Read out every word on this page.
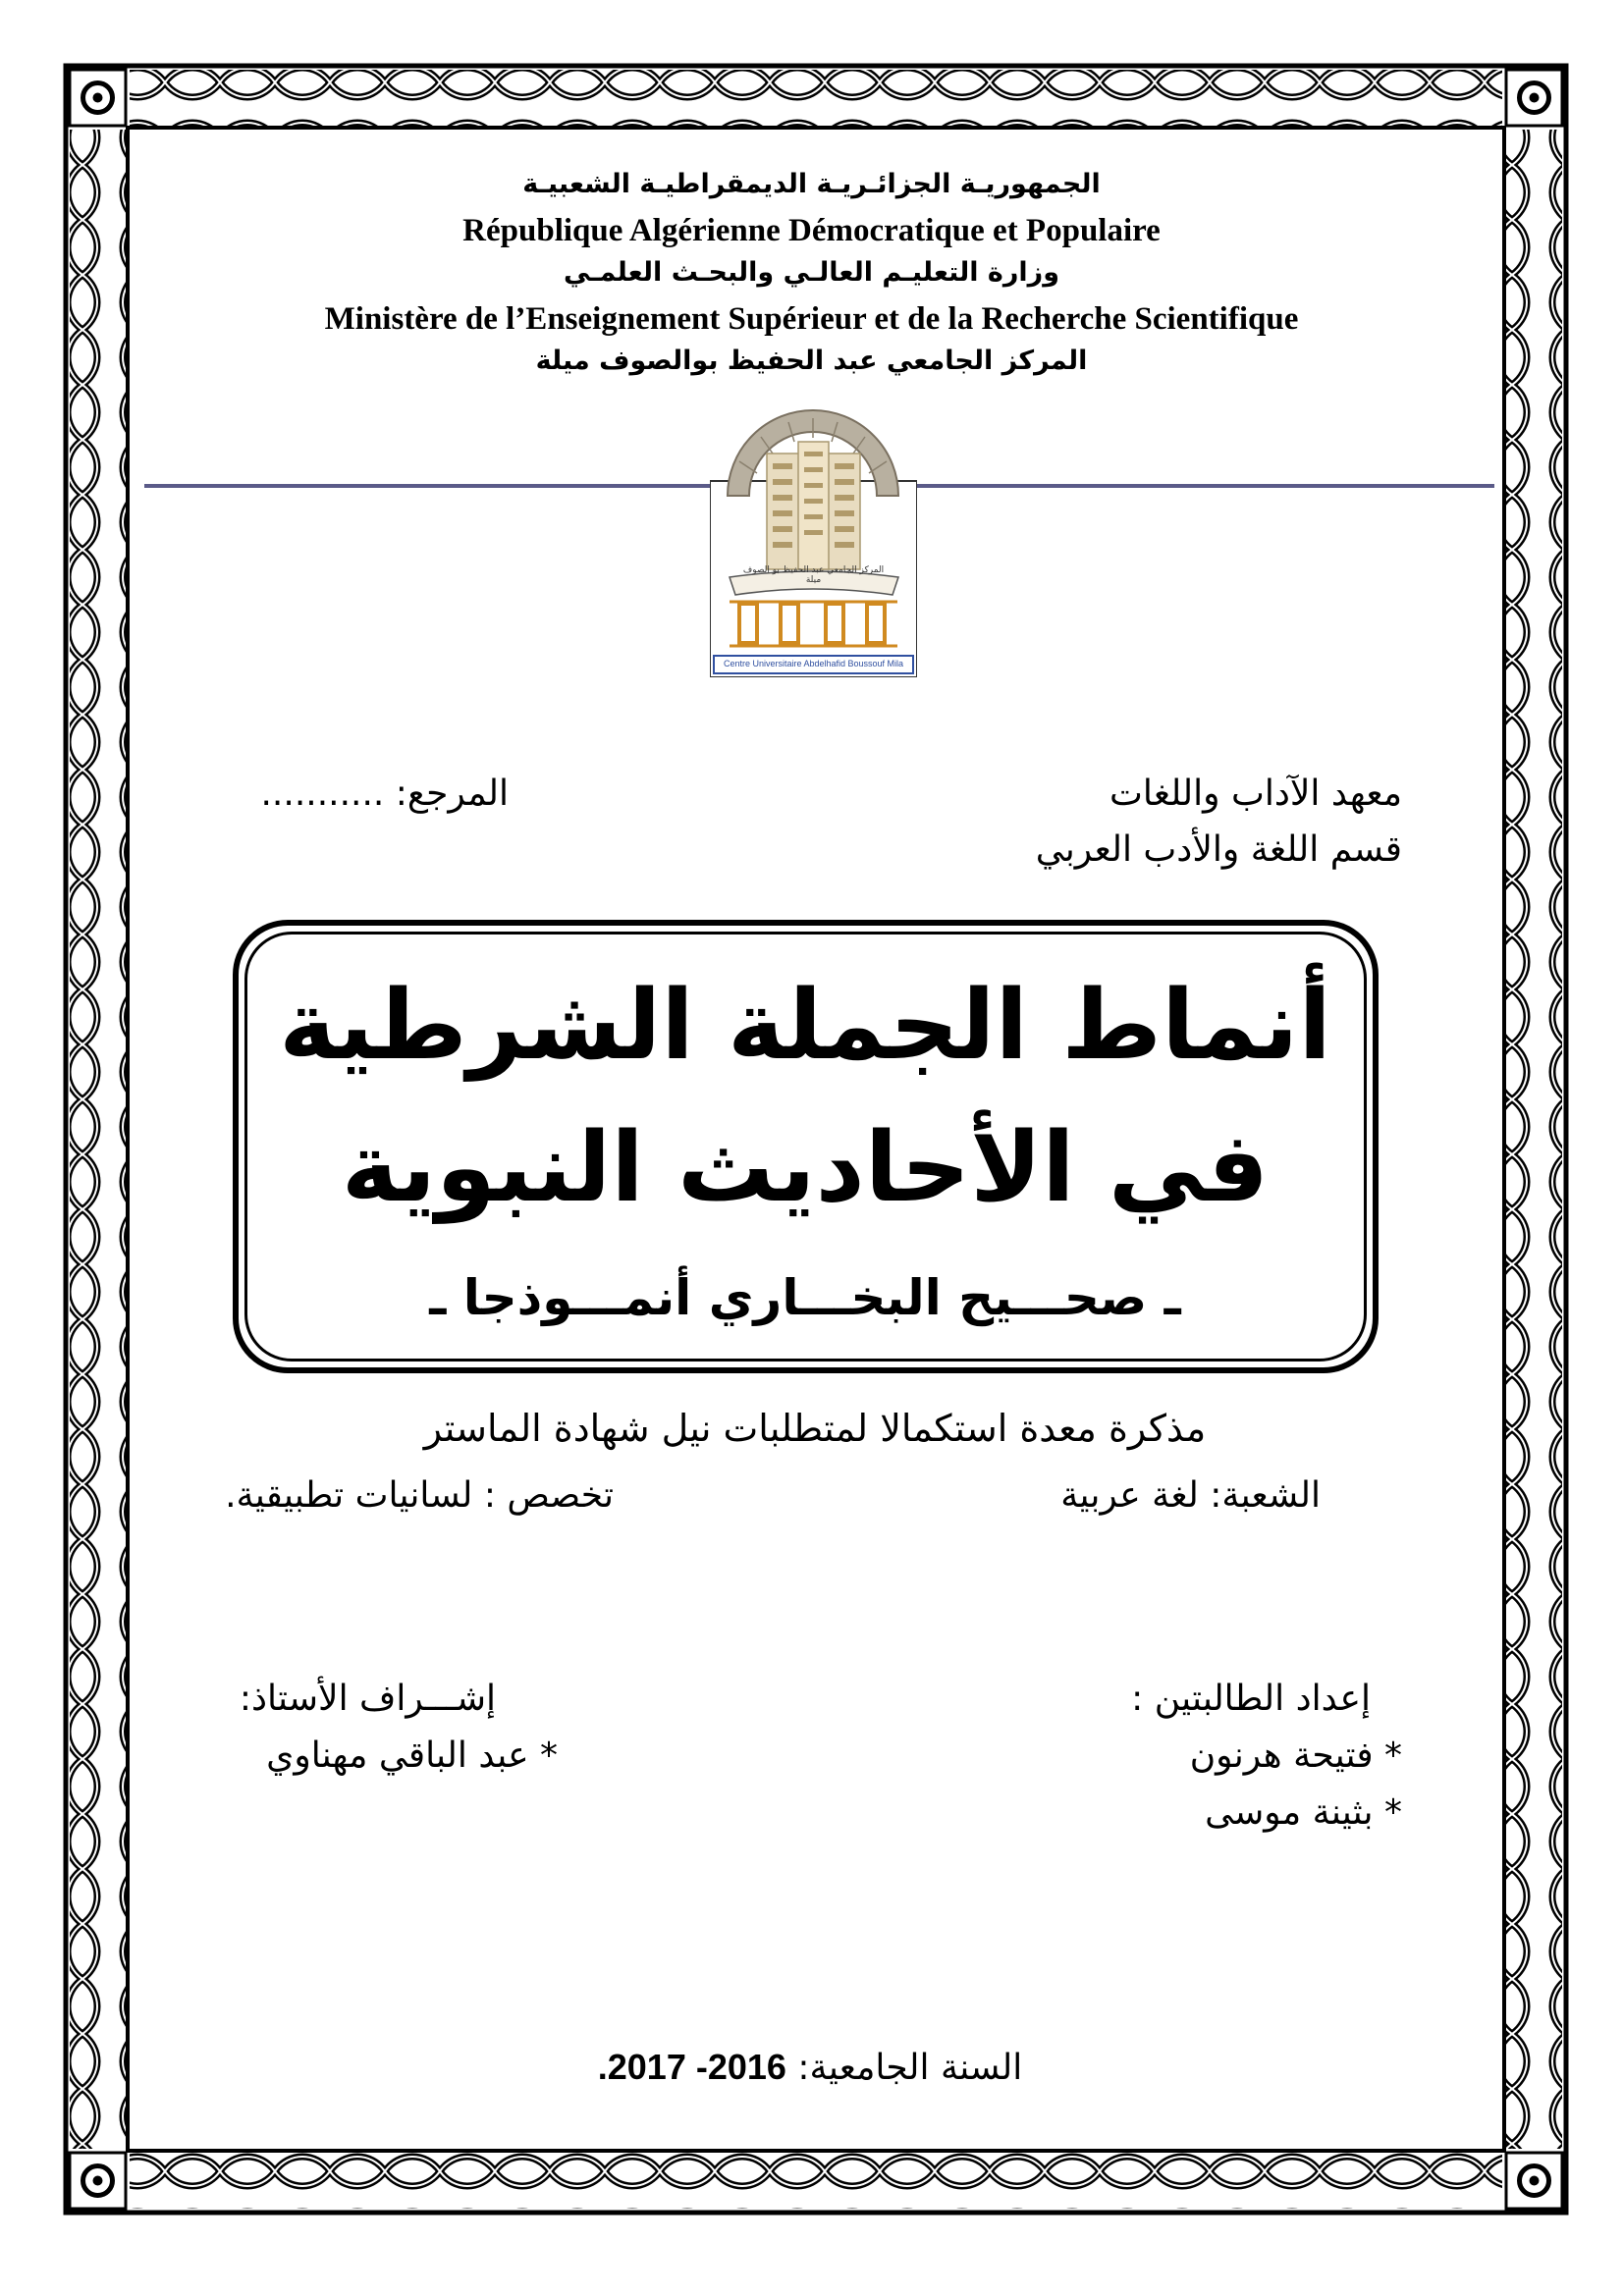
الجمهوريـة الجزائـريـة الديمقراطيـة الشعبيـة
République Algérienne Démocratique et Populaire
وزارة التعليـم العالـي والبحـث العلمـي
Ministère de l’Enseignement Supérieur et de la Recherche Scientifique
المركز الجامعي عبد الحفيظ بوالصوف ميلة
المركز الجامعي عبد الحفيظ بو الصوف ميلة
Centre Universitaire Abdelhafid Boussouf Mila
معهد الآداب واللغات
قسم اللغة والأدب العربي
المرجع: ...........
أنماط الجملة الشرطية
في الأحاديث النبوية
ـ صحـــيح البخـــاري أنمـــوذجا ـ
مذكرة معدة استكمالا لمتطلبات نيل شهادة الماستر
الشعبة: لغة عربية
تخصص : لسانيات تطبيقية.
إعداد الطالبتين :
* فتيحة هرنون
* بثينة موسى
إشـــراف الأستاذ:
* عبد الباقي مهناوي
السنة الجامعية: 2016- 2017.
